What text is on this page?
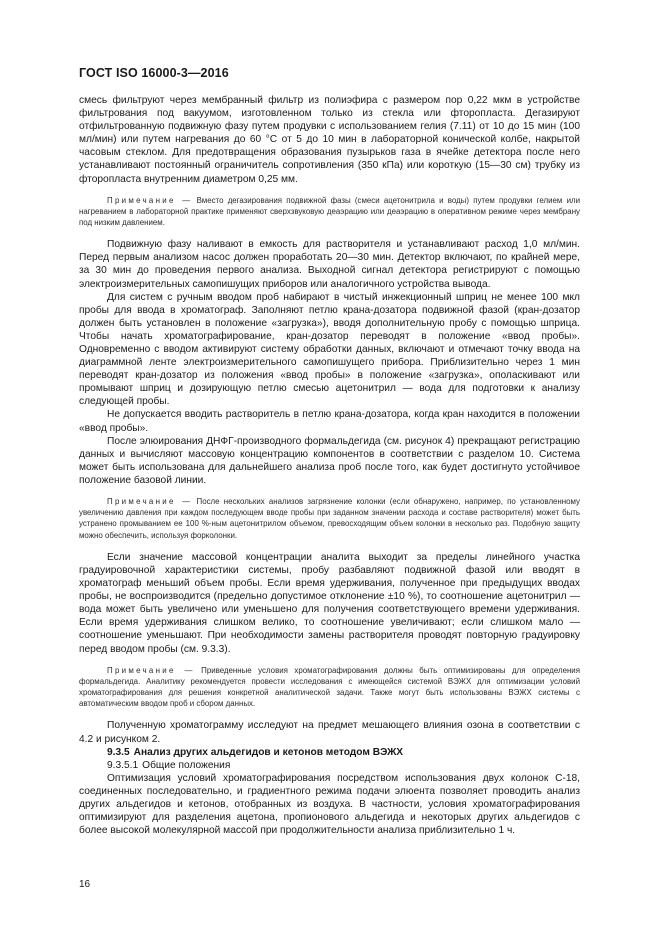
ГОСТ ISO 16000-3—2016

смесь фильтруют через мембранный фильтр из полиэфира с размером пор 0,22 мкм в устройстве фильтрования под вакуумом, изготовленном только из стекла или фторопласта. Дегазируют отфильтрованную подвижную фазу путем продувки с использованием гелия (7.11) от 10 до 15 мин (100 мл/мин) или путем нагревания до 60 °С от 5 до 10 мин в лабораторной конической колбе, накрытой часовым стеклом. Для предотвращения образования пузырьков газа в ячейке детектора после него устанавливают постоянный ограничитель сопротивления (350 кПа) или короткую (15—30 см) трубку из фторопласта внутренним диаметром 0,25 мм.

Примечание — Вместо дегазирования подвижной фазы (смеси ацетонитрила и воды) путем продувки гелием или нагреванием в лабораторной практике применяют сверхзвуковую деаэрацию или деаэрацию в оперативном режиме через мембрану под низким давлением.

Подвижную фазу наливают в емкость для растворителя и устанавливают расход 1,0 мл/мин. Перед первым анализом насос должен проработать 20—30 мин. Детектор включают, по крайней мере, за 30 мин до проведения первого анализа. Выходной сигнал детектора регистрируют с помощью электроизмерительных самопишущих приборов или аналогичного устройства вывода.

Для систем с ручным вводом проб набирают в чистый инжекционный шприц не менее 100 мкл пробы для ввода в хроматограф. Заполняют петлю крана-дозатора подвижной фазой (кран-дозатор должен быть установлен в положение «загрузка»), вводя дополнительную пробу с помощью шприца. Чтобы начать хроматографирование, кран-дозатор переводят в положение «ввод пробы». Одновременно с вводом активируют систему обработки данных, включают и отмечают точку ввода на диаграммной ленте электроизмерительного самопишущего прибора. Приблизительно через 1 мин переводят кран-дозатор из положения «ввод пробы» в положение «загрузка», ополаскивают или промывают шприц и дозирующую петлю смесью ацетонитрил — вода для подготовки к анализу следующей пробы.

Не допускается вводить растворитель в петлю крана-дозатора, когда кран находится в положении «ввод пробы».

После элюирования ДНФГ-производного формальдегида (см. рисунок 4) прекращают регистрацию данных и вычисляют массовую концентрацию компонентов в соответствии с разделом 10. Система может быть использована для дальнейшего анализа проб после того, как будет достигнуто устойчивое положение базовой линии.

Примечание — После нескольких анализов загрязнение колонки (если обнаружено, например, по установленному увеличению давления при каждом последующем вводе пробы при заданном значении расхода и составе растворителя) может быть устранено промыванием ее 100 %-ным ацетонитрилом объемом, превосходящим объем колонки в несколько раз. Подобную защиту можно обеспечить, используя форколонки.

Если значение массовой концентрации аналита выходит за пределы линейного участка градуировочной характеристики системы, пробу разбавляют подвижной фазой или вводят в хроматограф меньший объем пробы. Если время удерживания, полученное при предыдущих вводах пробы, не воспроизводится (предельно допустимое отклонение ±10 %), то соотношение ацетонитрил — вода может быть увеличено или уменьшено для получения соответствующего времени удерживания. Если время удерживания слишком велико, то соотношение увеличивают; если слишком мало — соотношение уменьшают. При необходимости замены растворителя проводят повторную градуировку перед вводом пробы (см. 9.3.3).

Примечание — Приведенные условия хроматографирования должны быть оптимизированы для определения формальдегида. Аналитику рекомендуется провести исследования с имеющейся системой ВЭЖХ для оптимизации условий хроматографирования для решения конкретной аналитической задачи. Также могут быть использованы ВЭЖХ системы с автоматическим вводом проб и сбором данных.

Полученную хроматограмму исследуют на предмет мешающего влияния озона в соответствии с 4.2 и рисунком 2.

9.3.5 Анализ других альдегидов и кетонов методом ВЭЖХ

9.3.5.1 Общие положения

Оптимизация условий хроматографирования посредством использования двух колонок С-18, соединенных последовательно, и градиентного режима подачи элюента позволяет проводить анализ других альдегидов и кетонов, отобранных из воздуха. В частности, условия хроматографирования оптимизируют для разделения ацетона, пропионового альдегида и некоторых других альдегидов с более высокой молекулярной массой при продолжительности анализа приблизительно 1 ч.

16
